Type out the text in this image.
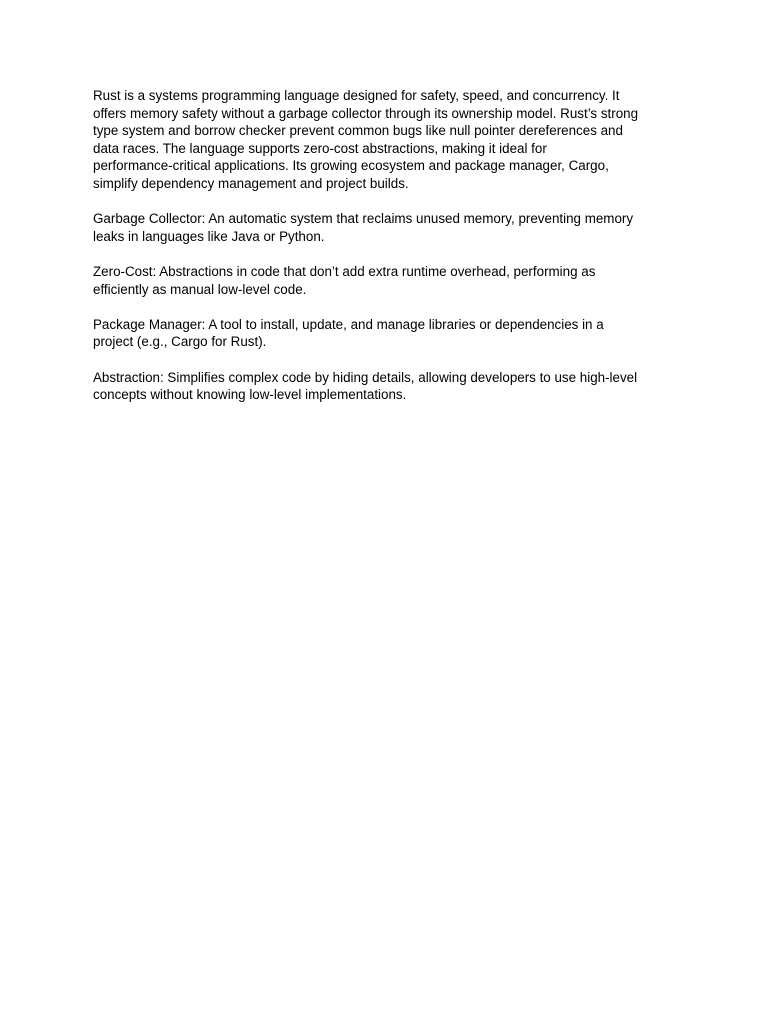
Rust is a systems programming language designed for safety, speed, and concurrency. It
offers memory safety without a garbage collector through its ownership model. Rust’s strong
type system and borrow checker prevent common bugs like null pointer dereferences and
data races. The language supports zero-cost abstractions, making it ideal for
performance-critical applications. Its growing ecosystem and package manager, Cargo,
simplify dependency management and project builds.

Garbage Collector: An automatic system that reclaims unused memory, preventing memory
leaks in languages like Java or Python.

Zero-Cost: Abstractions in code that don’t add extra runtime overhead, performing as
efficiently as manual low-level code.

Package Manager: A tool to install, update, and manage libraries or dependencies in a
project (e.g., Cargo for Rust).

Abstraction: Simplifies complex code by hiding details, allowing developers to use high-level
concepts without knowing low-level implementations.
